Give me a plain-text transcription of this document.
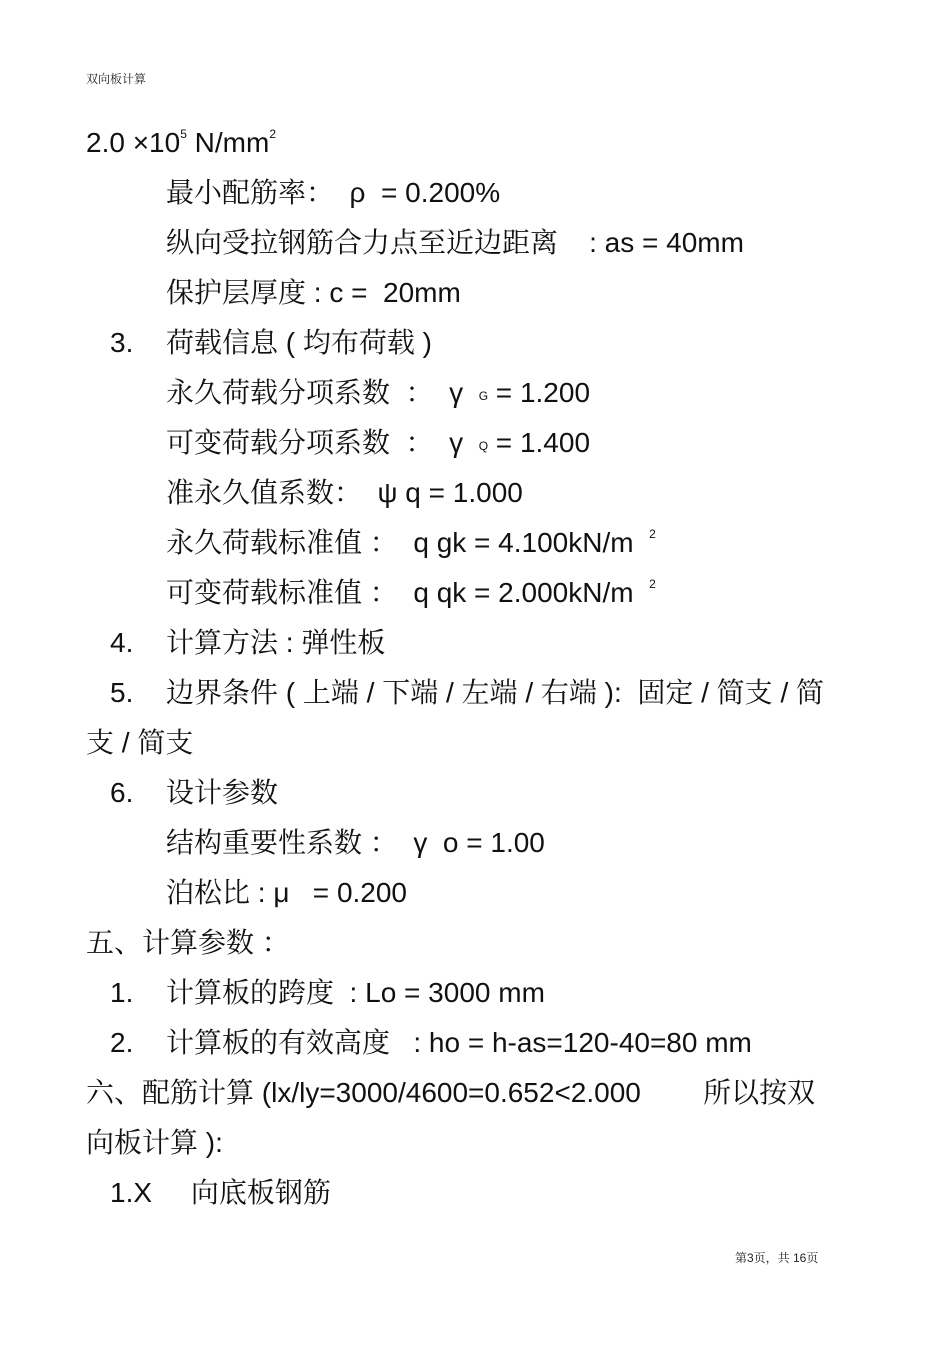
双向板计算
$2.0 \times 10^5$ $N/mm^2$
最小配筋率：  ρ  = 0.200%
纵向受拉钢筋合力点至近边距离    : as = 40mm
保护层厚度 : c =  20mm
3. 荷载信息 ( 均布荷载 )
永久荷载分项系数  ：  γ  $_G$ = 1.200
可变荷载分项系数  ：  γ  $_Q$ = 1.400
准永久值系数：  ψ q = 1.000
永久荷载标准值 ：  q gk = 4.100kN/m $^2$
可变荷载标准值 ：  q qk = 2.000kN/m $^2$
4. 计算方法 : 弹性板
5. 边界条件 ( 上端 / 下端 / 左端 / 右端 ):  固定 / 简支 / 简
支 / 简支
6. 设计参数
结构重要性系数 ：  γ  o = 1.00
泊松比 : μ   = 0.200
五、计算参数 ：
1. 计算板的跨度  : Lo = 3000 mm
2. 计算板的有效高度   : ho = h-as=120-40=80 mm
六、配筋计算 (lx/ly=3000/4600=0.652<2.000        所以按双
向板计算 ):
1.X     向底板钢筋
第3页，共 16页
